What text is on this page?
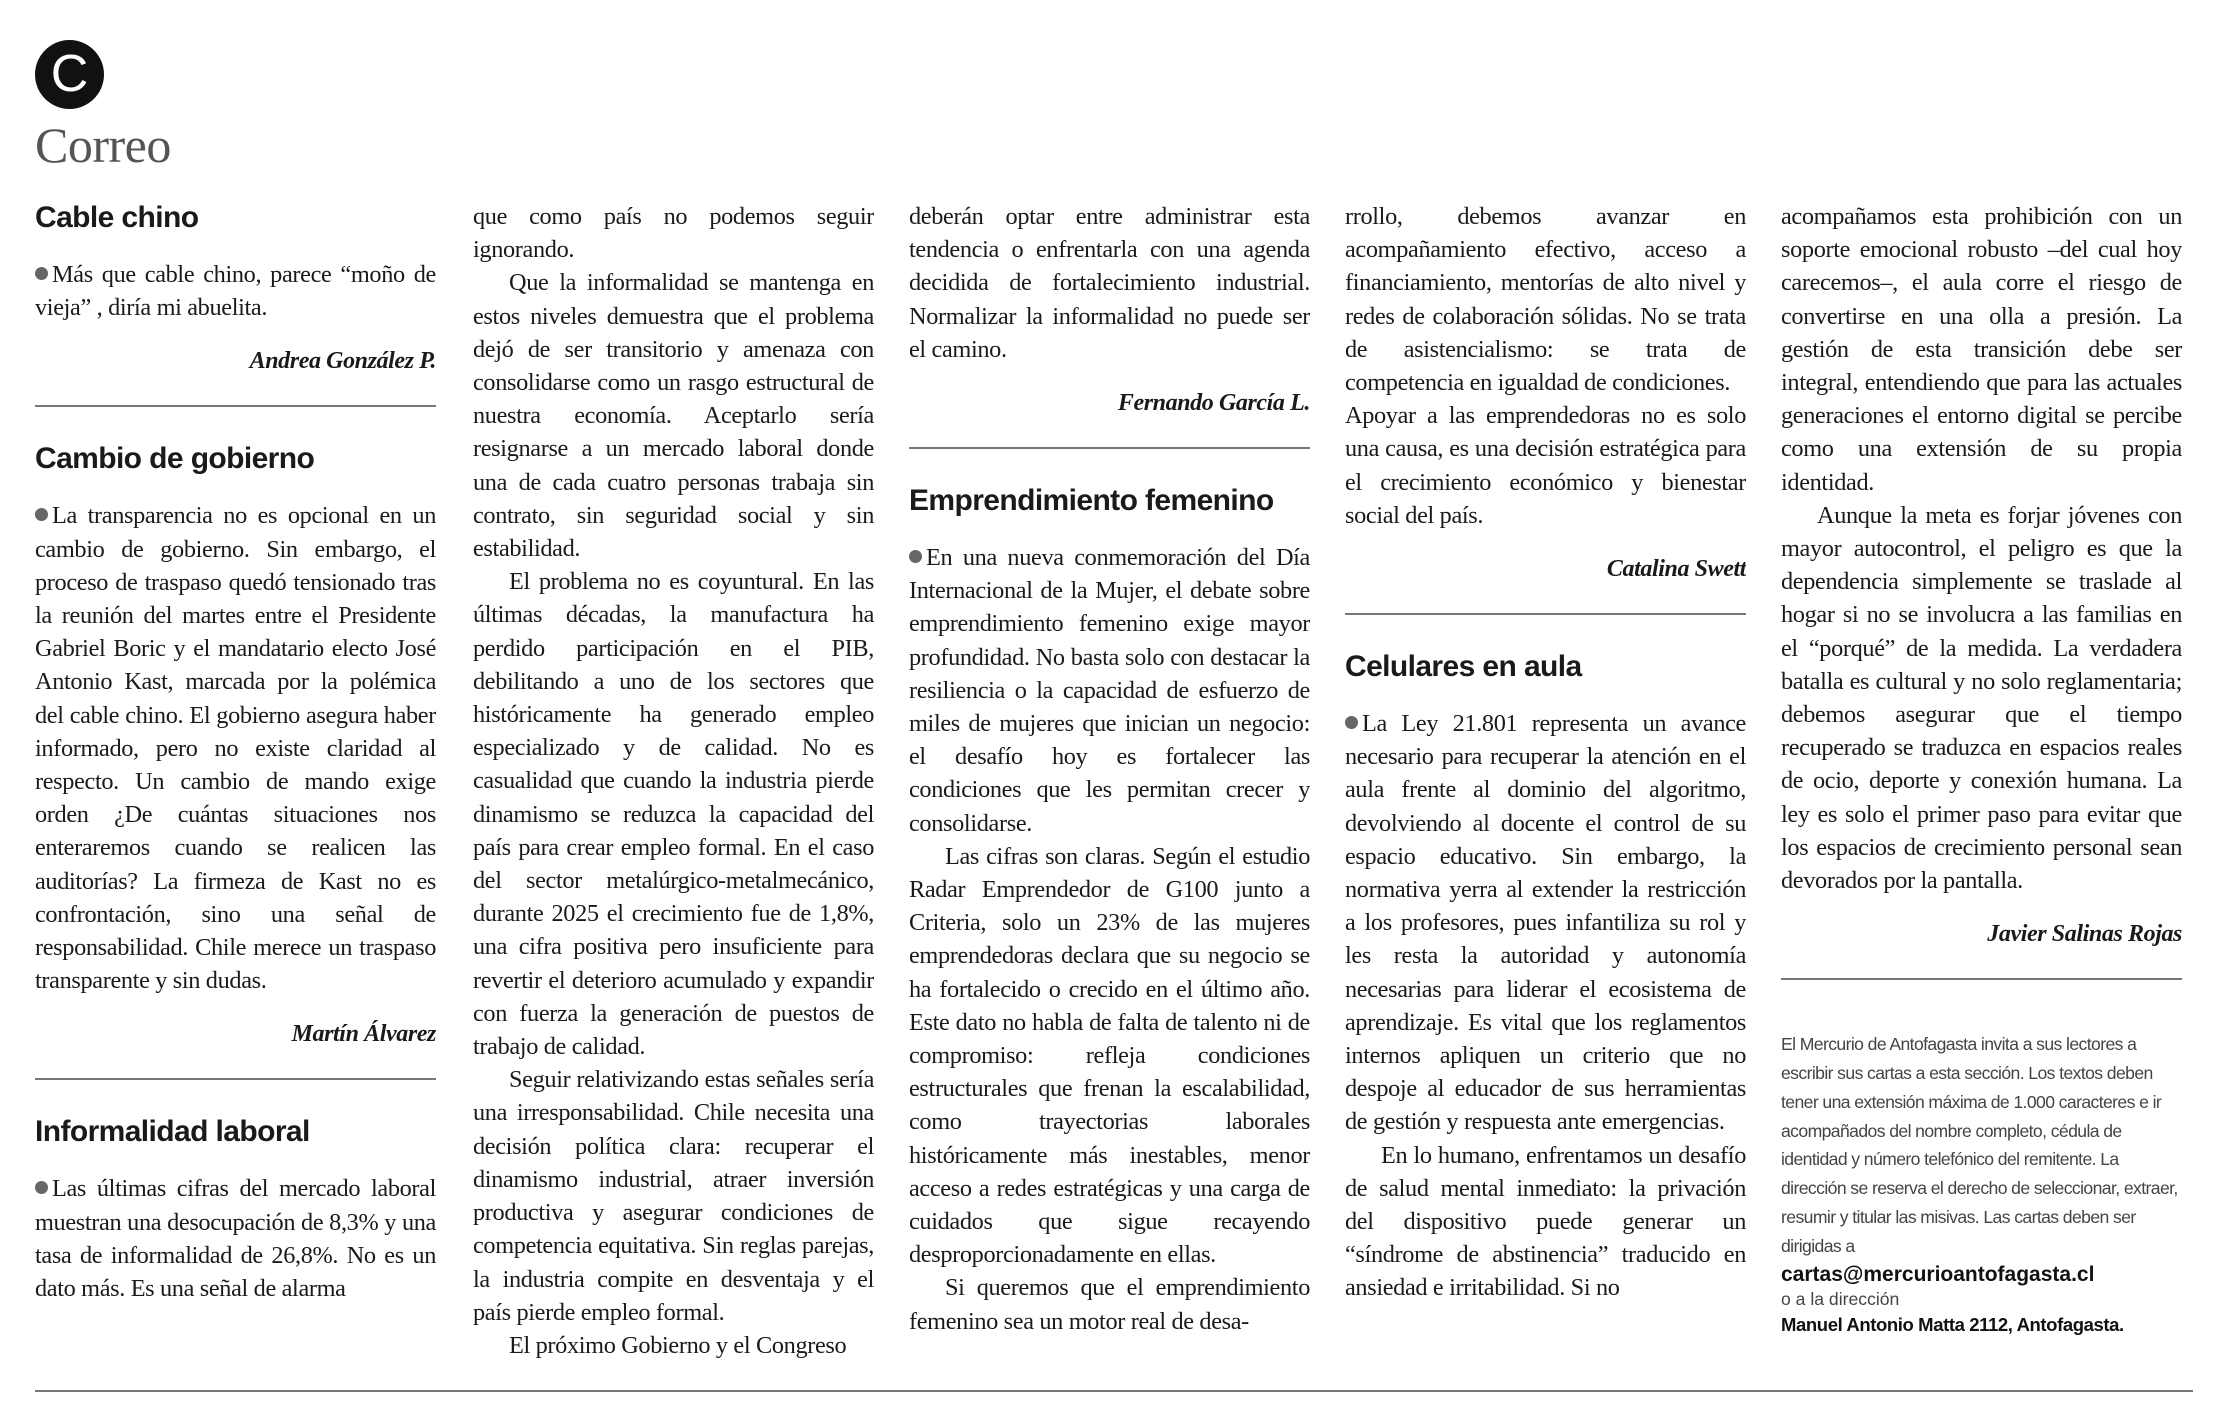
C
Correo
Cable chino

Más que cable chino, parece “moño de vieja” , diría mi abuelita.

Andrea González P.

Cambio de gobierno

La transparencia no es opcional en un cambio de gobierno. Sin embargo, el proceso de traspaso quedó tensionado tras la reunión del martes entre el Presidente Gabriel Boric y el mandatario electo José Antonio Kast, marcada por la polémica del cable chino. El gobierno asegura haber informado, pero no existe claridad al respecto. Un cambio de mando exige orden ¿De cuántas situaciones nos enteraremos cuando se realicen las auditorías? La firmeza de Kast no es confrontación, sino una señal de responsabilidad. Chile merece un traspaso transparente y sin dudas.

Martín Álvarez

Informalidad laboral

Las últimas cifras del mercado laboral muestran una desocupación de 8,3% y una tasa de informalidad de 26,8%. No es un dato más. Es una señal de alarma

que como país no podemos seguir ignorando.

Que la informalidad se mantenga en estos niveles demuestra que el problema dejó de ser transitorio y amenaza con consolidarse como un rasgo estructural de nuestra economía. Aceptarlo sería resignarse a un mercado laboral donde una de cada cuatro personas trabaja sin contrato, sin seguridad social y sin estabilidad.

El problema no es coyuntural. En las últimas décadas, la manufactura ha perdido participación en el PIB, debilitando a uno de los sectores que históricamente ha generado empleo especializado y de calidad. No es casualidad que cuando la industria pierde dinamismo se reduzca la capacidad del país para crear empleo formal. En el caso del sector metalúrgico-metalmecánico, durante 2025 el crecimiento fue de 1,8%, una cifra positiva pero insuficiente para revertir el deterioro acumulado y expandir con fuerza la generación de puestos de trabajo de calidad.

Seguir relativizando estas señales sería una irresponsabilidad. Chile necesita una decisión política clara: recuperar el dinamismo industrial, atraer inversión productiva y asegurar condiciones de competencia equitativa. Sin reglas parejas, la industria compite en desventaja y el país pierde empleo formal.

El próximo Gobierno y el Congreso

deberán optar entre administrar esta tendencia o enfrentarla con una agenda decidida de fortalecimiento industrial. Normalizar la informalidad no puede ser el camino.

Fernando García L.

Emprendimiento femenino

En una nueva conmemoración del Día Internacional de la Mujer, el debate sobre emprendimiento femenino exige mayor profundidad. No basta solo con destacar la resiliencia o la capacidad de esfuerzo de miles de mujeres que inician un negocio: el desafío hoy es fortalecer las condiciones que les permitan crecer y consolidarse.

Las cifras son claras. Según el estudio Radar Emprendedor de G100 junto a Criteria, solo un 23% de las mujeres emprendedoras declara que su negocio se ha fortalecido o crecido en el último año. Este dato no habla de falta de talento ni de compromiso: refleja condiciones estructurales que frenan la escalabilidad, como trayectorias laborales históricamente más inestables, menor acceso a redes estratégicas y una carga de cuidados que sigue recayendo desproporcionadamente en ellas.

Si queremos que el emprendimiento femenino sea un motor real de desa-

rrollo, debemos avanzar en acompañamiento efectivo, acceso a financiamiento, mentorías de alto nivel y redes de colaboración sólidas. No se trata de asistencialismo: se trata de competencia en igualdad de condiciones.

Apoyar a las emprendedoras no es solo una causa, es una decisión estratégica para el crecimiento económico y bienestar social del país.

Catalina Swett

Celulares en aula

La Ley 21.801 representa un avance necesario para recuperar la atención en el aula frente al dominio del algoritmo, devolviendo al docente el control de su espacio educativo. Sin embargo, la normativa yerra al extender la restricción a los profesores, pues infantiliza su rol y les resta la autoridad y autonomía necesarias para liderar el ecosistema de aprendizaje. Es vital que los reglamentos internos apliquen un criterio que no despoje al educador de sus herramientas de gestión y respuesta ante emergencias.

En lo humano, enfrentamos un desafío de salud mental inmediato: la privación del dispositivo puede generar un “síndrome de abstinencia” traducido en ansiedad e irritabilidad. Si no

acompañamos esta prohibición con un soporte emocional robusto –del cual hoy carecemos–, el aula corre el riesgo de convertirse en una olla a presión. La gestión de esta transición debe ser integral, entendiendo que para las actuales generaciones el entorno digital se percibe como una extensión de su propia identidad.

Aunque la meta es forjar jóvenes con mayor autocontrol, el peligro es que la dependencia simplemente se traslade al hogar si no se involucra a las familias en el “porqué” de la medida. La verdadera batalla es cultural y no solo reglamentaria; debemos asegurar que el tiempo recuperado se traduzca en espacios reales de ocio, deporte y conexión humana. La ley es solo el primer paso para evitar que los espacios de crecimiento personal sean devorados por la pantalla.

Javier Salinas Rojas

El Mercurio de Antofagasta invita a sus lectores a escribir sus cartas a esta sección. Los textos deben tener una extensión máxima de 1.000 caracteres e ir acompañados del nombre completo, cédula de identidad y número telefónico del remitente. La dirección se reserva el derecho de seleccionar, extraer, resumir y titular las misivas. Las cartas deben ser dirigidas a

cartas@mercurioantofagasta.cl

o a la dirección

Manuel Antonio Matta 2112, Antofagasta.
